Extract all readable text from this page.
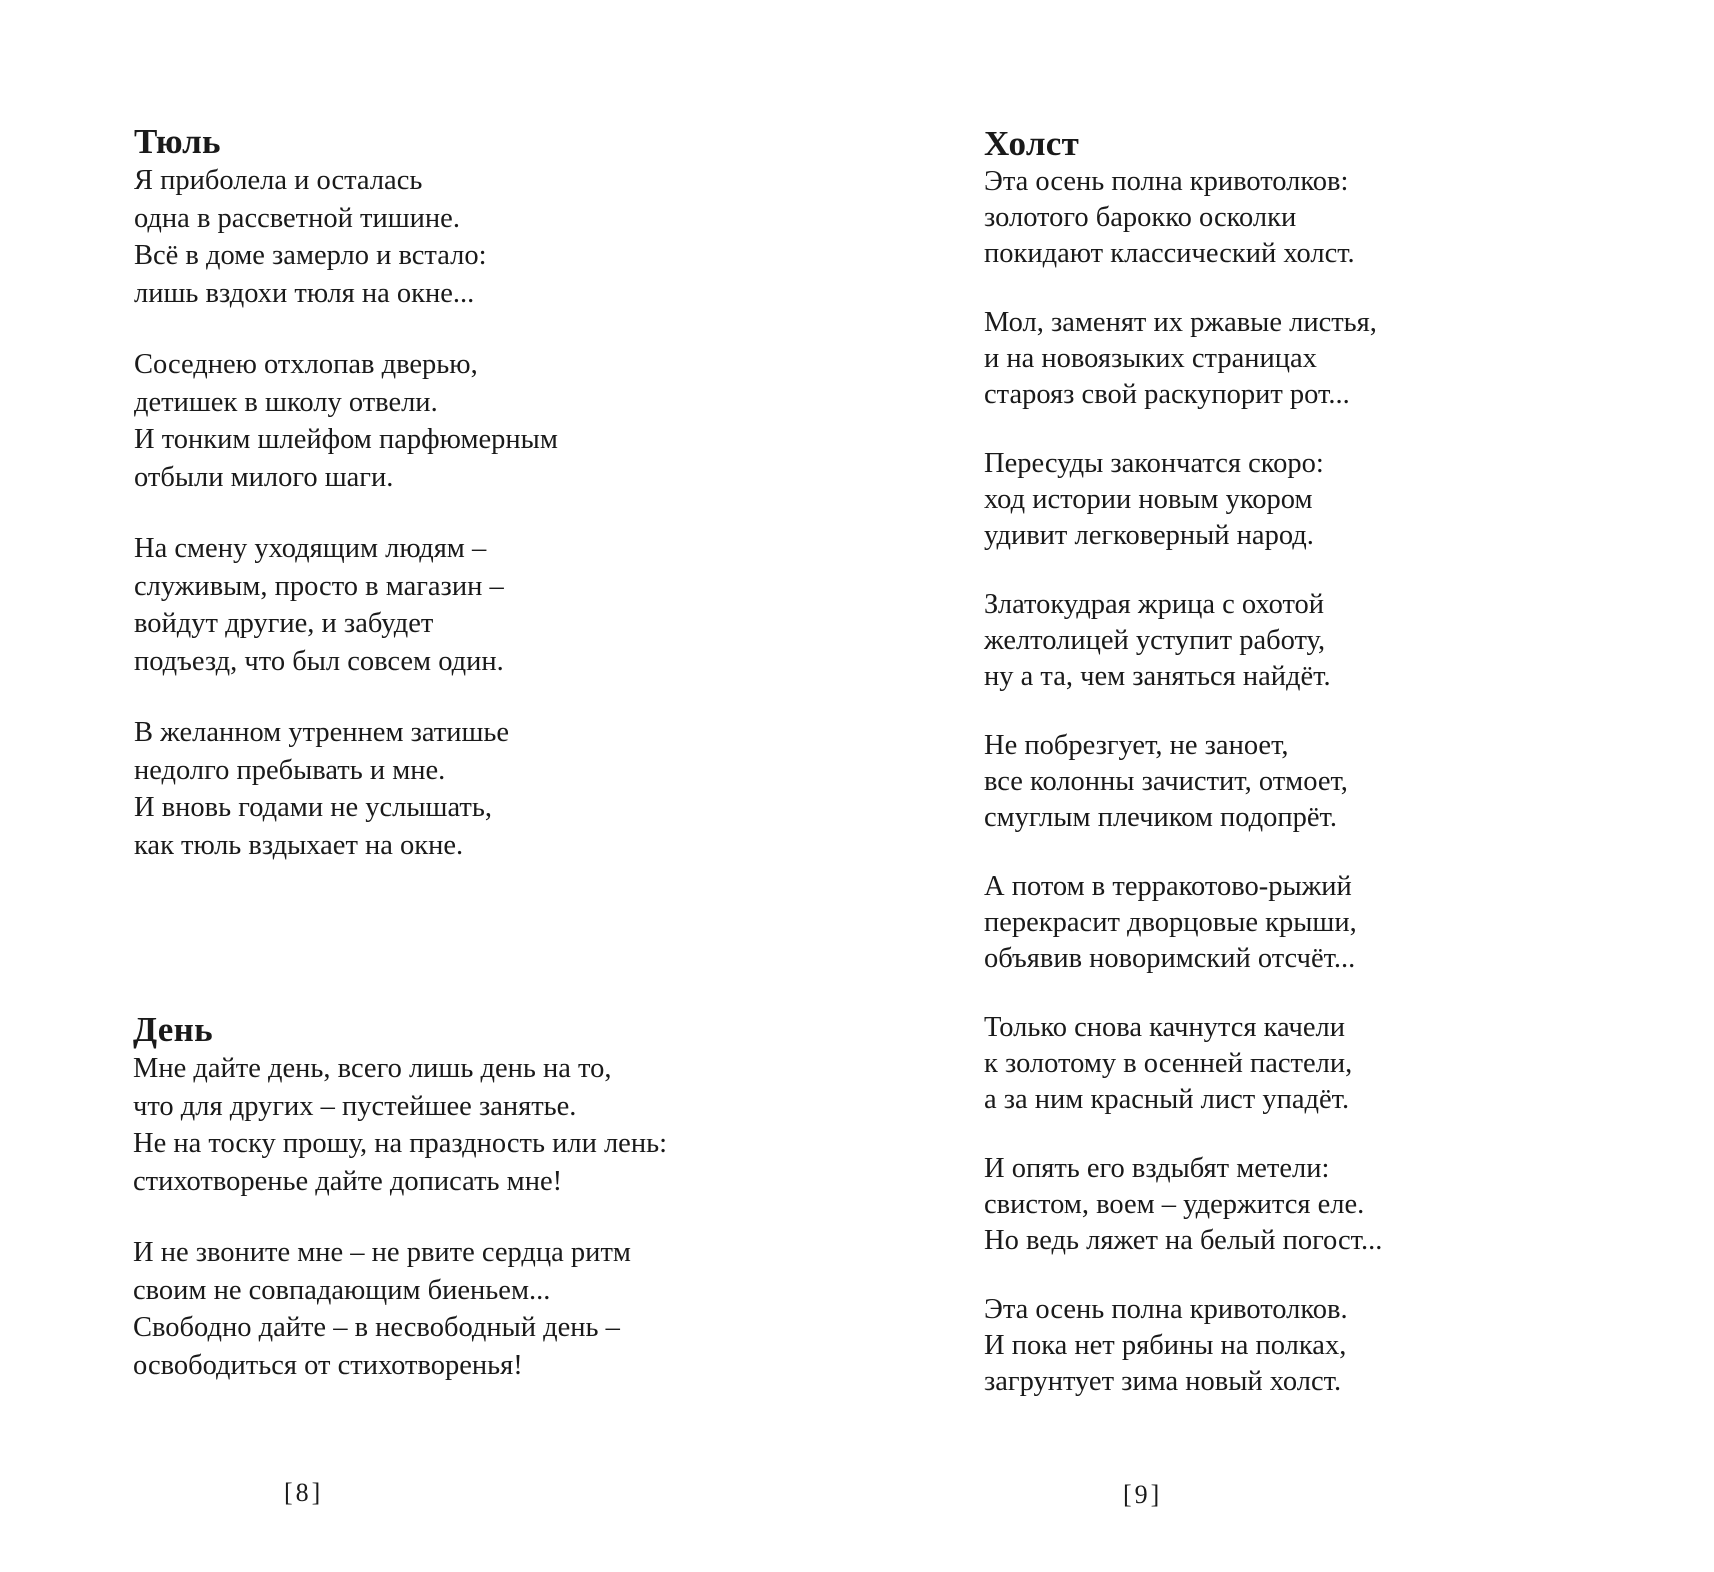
Тюль

Я приболела и осталась
одна в рассветной тишине.
Всё в доме замерло и встало:
лишь вздохи тюля на окне...

Соседнею отхлопав дверью,
детишек в школу отвели.
И тонким шлейфом парфюмерным
отбыли милого шаги.

На смену уходящим людям –
служивым, просто в магазин –
войдут другие, и забудет
подъезд, что был совсем один.

В желанном утреннем затишье
недолго пребывать и мне.
И вновь годами не услышать,
как тюль вздыхает на окне.

День

Мне дайте день, всего лишь день на то,
что для других – пустейшее занятье.
Не на тоску прошу, на праздность или лень:
стихотворенье дайте дописать мне!

И не звоните мне – не рвите сердца ритм
своим не совпадающим биеньем...
Свободно дайте – в несвободный день –
освободиться от стихотворенья!

[8]
Холст

Эта осень полна кривотолков:
золотого барокко осколки
покидают классический холст.

Мол, заменят их ржавые листья,
и на новоязыких страницах
старояз свой раскупорит рот...

Пересуды закончатся скоро:
ход истории новым укором
удивит легковерный народ.

Златокудрая жрица с охотой
желтолицей уступит работу,
ну а та, чем заняться найдёт.

Не побрезгует, не заноет,
все колонны зачистит, отмоет,
смуглым плечиком подопрёт.

А потом в терракотово-рыжий
перекрасит дворцовые крыши,
объявив новоримский отсчёт...

Только снова качнутся качели
к золотому в осенней пастели,
а за ним красный лист упадёт.

И опять его вздыбят метели:
свистом, воем – удержится еле.
Но ведь ляжет на белый погост...

Эта осень полна кривотолков.
И пока нет рябины на полках,
загрунтует зима новый холст.

[9]
